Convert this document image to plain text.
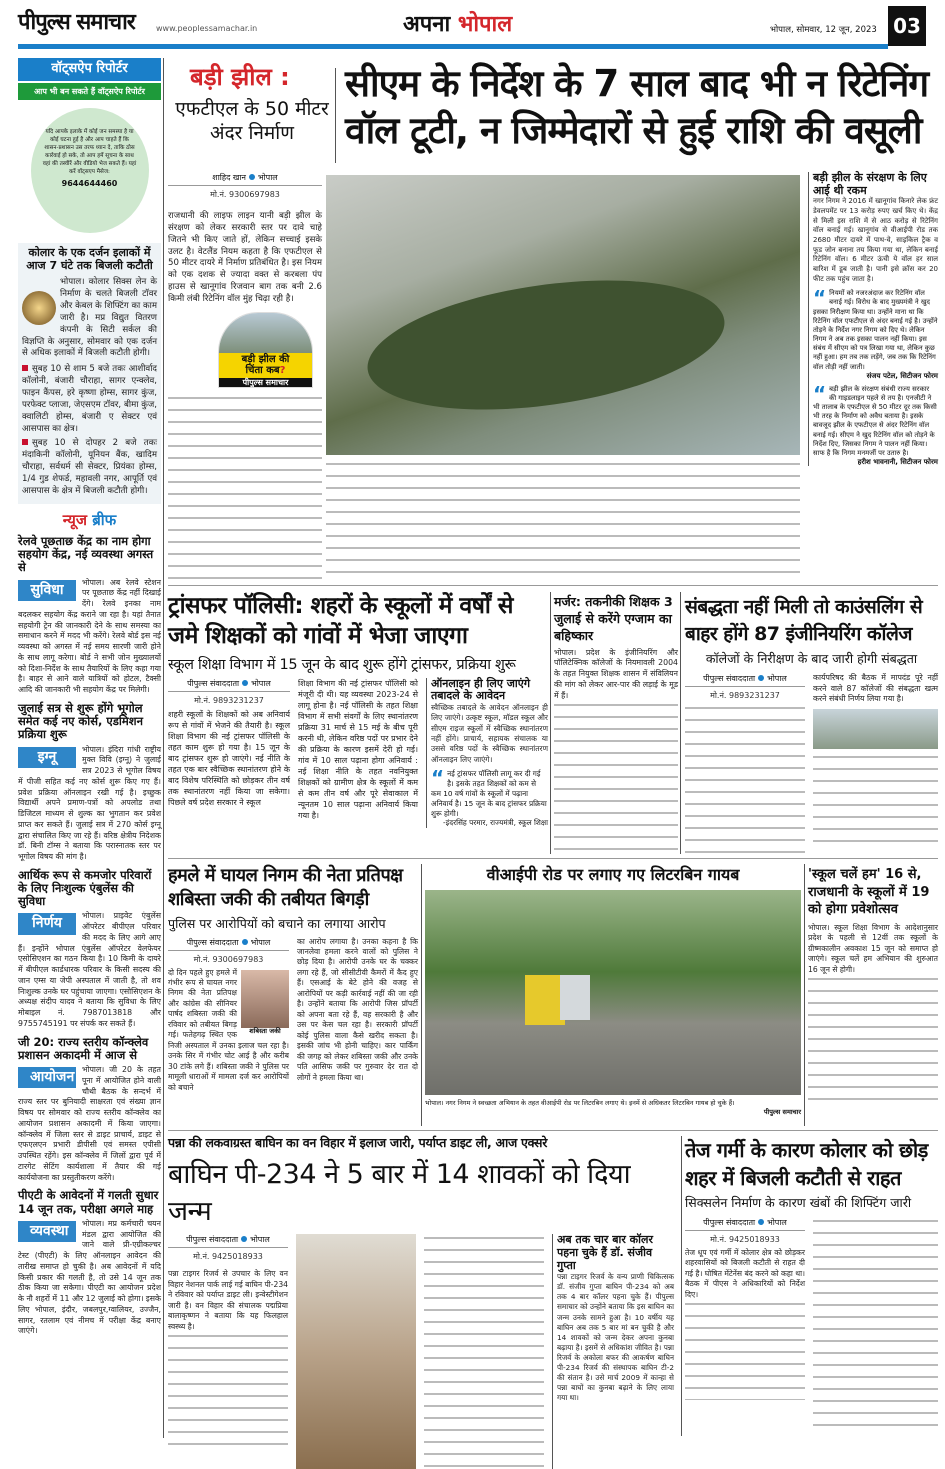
पीपुल्स समाचार	www.peoplessamachar.in	अपना भोपाल	भोपाल, सोमवार, 12 जून, 2023 03
वॉट्सऐप रिपोर्टर
आप भी बन सकते हैं वॉट्सऐप रिपोर्टर
यदि आपके इलाके में कोई जन समस्या है या कोई घटना हुई है और आप चाहते हैं कि शासन-प्रशासन उस तरफ ध्यान दे, ताकि ठोस कार्रवाई हो सके, तो आप हमें सूचना के साथ वहां की तस्वीरें और वीडियो भेज सकते हैं। यहां करें वॉट्सएप मैसेज:
9644644460
कोलार के एक दर्जन इलाकों में आज 7 घंटे तक बिजली कटौती
भोपाल। कोलार सिक्स लेन के निर्माण के चलते बिजली टॉवर और केबल के शिफ्टिंग का काम जारी है। मप्र विद्युत वितरण कंपनी के सिटी सर्कल की विज्ञप्ति के अनुसार, सोमवार को एक दर्जन से अधिक इलाकों में बिजली कटौती होगी।
सुबह 10 से शाम 5 बजे तकः आशीर्वाद कॉलोनी, बंजारी चौराहा, सागर एन्क्लेव, फाइन कैंपस, हरे कृष्णा होम्स, सागर कुंज, परफेक्ट प्लाजा, जेएसएम टॉवर, बीमा कुंज, क्वालिटी होम्स, बंजारी ए सेक्टर एवं आसपास का क्षेत्र।
सुबह 10 से दोपहर 2 बजे तकः मंदाकिनी कॉलोनी, यूनियन बैंक, खादिम चौराहा, सर्वधर्म सी सेक्टर, प्रियंका होम्स, 1/4 गुड शेफर्ड, महावली नगर, आपूर्ति एवं आसपास के क्षेत्र में बिजली कटौती होगी।
न्यूज ब्रीफ
रेलवे पूछताछ केंद्र का नाम होगा सहयोग केंद्र, नई व्यवस्था अगस्त से
सुविधा	भोपाल। अब रेलवे स्टेशन पर पूछताछ केंद्र नहीं दिखाई देंगे। रेलवे इनका नाम बदलकर सहयोग केंद्र कराने जा रहा है। यहां तैनात सहयोगी ट्रेन की जानकारी देने के साथ समस्या का समाधान करने में मदद भी करेंगे। रेलवे बोर्ड इस नई व्यवस्था को अगस्त में नई समय सारणी जारी होने के साथ लागू करेगा। बोर्ड ने सभी जोन मुख्यालयों को दिशा-निर्देश के साथ तैयारियों के लिए कहा गया है। बाहर से आने वाले यात्रियों को होटल, टैक्सी आदि की जानकारी भी सहयोग केंद्र पर मिलेगी।
जुलाई सत्र से शुरू होंगे भूगोल समेत कई नए कोर्स, एडमिशन प्रक्रिया शुरू
इग्नू	भोपाल। इंदिरा गांधी राष्ट्रीय मुक्त विवि (इग्नू) ने जुलाई सत्र 2023 से भूगोल विषय में पीजी सहित कई नए कोर्स शुरू किए गए हैं। प्रवेश प्रक्रिया ऑनलाइन रखी गई है। इच्छुक विद्यार्थी अपने प्रमाण-पत्रों को अपलोड तथा डिजिटल माध्यम से शुल्क का भुगतान कर प्रवेश प्राप्त कर सकते हैं। जुलाई सत्र में 270 कोर्स इग्नू द्वारा संचालित किए जा रहे हैं। वरिष्ठ क्षेत्रीय निदेशक डॉ. बिनी टॉम्स ने बताया कि परास्नातक स्तर पर भूगोल विषय की मांग है।
आर्थिक रूप से कमजोर परिवारों के लिए निःशुल्क एंबुलेंस की सुविधा
निर्णय	भोपाल। प्राइवेट एंबुलेंस ऑपरेटर बीपीएल परिवार की मदद के लिए आगे आए हैं। इन्होंने भोपाल एंबुलेंस ऑपरेटर वेलफेयर एसोसिएशन का गठन किया है। 10 किमी के दायरे में बीपीएल कार्डधारक परिवार के किसी सदस्य की जान एम्स या जेपी अस्पताल में जाती है, तो शव निःशुल्क उनके घर पहुंचाया जाएगा। एसोसिएशन के अध्यक्ष संदीप यादव ने बताया कि सुविधा के लिए मोबाइल नं. 7987013818 और 9755745191 पर संपर्क कर सकते हैं।
जी 20: राज्य स्तरीय कॉन्क्लेव प्रशासन अकादमी में आज से
आयोजन भोपाल। जी 20 के तहत पूना में आयोजित होने वाली चौथी बैठक के सन्दर्भ में राज्य स्तर पर बुनियादी साक्षरता एवं संख्या ज्ञान विषय पर सोमवार को राज्य स्तरीय कॉन्क्लेव का आयोजन प्रशासन अकादमी में किया जाएगा। कॉन्क्लेव में जिला स्तर से डाइट प्राचार्य, डाइट से एफएलएन प्रभारी डीपीसी एवं समस्त एपीसी उपस्थित रहेंगे। इस कॉन्क्लेव में जिलों द्वारा पूर्व में टारगेट सेटिंग कार्यशाला में तैयार की गई कार्ययोजना का प्रस्तुतीकरण करेंगे।
पीएटी के आवेदनों में गलती सुधार 14 जून तक, परीक्षा अगले माह
व्यवस्था	भोपाल। मप्र कर्मचारी चयन मंडल द्वारा आयोजित की जाने वाले प्री-एग्रीकल्चर टेस्ट (पीएटी) के लिए ऑनलाइन आवेदन की तारीख समाप्त हो चुकी है। अब आवेदनों में यदि किसी प्रकार की गलती है, तो उसे 14 जून तक ठीक किया जा सकेगा। पीएटी का आयोजन प्रदेश के नौ शहरों में 11 और 12 जुलाई को होगा। इसके लिए भोपाल, इंदौर, जबलपुर,ग्वालियर, उज्जैन, सागर, रतलाम एवं नीमच में परीक्षा केंद्र बनाए जाएंगे।
बड़ी झील :
एफटीएल के 50 मीटर अंदर निर्माण
सीएम के निर्देश के 7 साल बाद भी न रिटेनिंग
वॉल टूटी, न जिम्मेदारों से हुई राशि की वसूली
शाहिद खान भोपाल
मो.नं. 9300697983
राजधानी की लाइफ लाइन यानी बड़ी झील के संरक्षण को लेकर सरकारी स्तर पर दावे चाहे जितने भी किए जाते हों, लेकिन सच्चाई इसके उलट है। वेटलैंड नियम कहता है कि एफटीएल से 50 मीटर दायरे में निर्माण प्रतिबंधित है। इस नियम को एक दशक से ज्यादा वक्त से करबला पंप हाउस से खानूगांव रिजवान बाग तक बनी 2.6 किमी लंबी रिटेनिंग वॉल मुंह चिढ़ा रही है।
बड़ी झील की
चिंता कब?
पीपुल्स समाचार
बड़ी झील के संरक्षण के लिए आई थी रकम
नगर निगम ने 2016 में खानूगांव किनारे लेक फ्रंट डेवलपमेंट पर 13 करोड़ रुपए खर्च किए थे। केंद्र से मिली इस राशि में से आठ करोड़ से रिटेनिंग वॉल बनाई गई। खानूगांव से वीआईपी रोड तक 2680 मीटर दायरे में पाथ-वे, साइकिल ट्रैक व फूड जोन बनाना तय किया गया था, लेकिन बनाई रिटेनिंग वॉल। 6 मीटर ऊंची ये वॉल हर साल बारिश में डूब जाती है। पानी इसे क्रॉस कर 20 फीट तक पहुंच जाता है।
“ नियमों को नजरअंदाज कर रिटेनिंग वॉल बनाई गई। विरोध के बाद मुख्यमंत्री ने खुद इसका निरीक्षण किया था। उन्होंने माना था कि रिटेनिंग वॉल एफटीएल से अंदर बनाई गई है। उन्होंने तोड़ने के निर्देश नगर निगम को दिए थे। लेकिन निगम ने अब तक इसका पालन नहीं किया। इस संबंध में सीएम को पत्र लिखा गया था, लेकिन कुछ नहीं हुआ। हम तब तक लड़ेंगे, जब तक कि रिटेनिंग वॉल तोड़ी नहीं जाती।
संजय पटेल, सिटीजन फोरम
“ बड़ी झील के संरक्षण संबंधी राज्य सरकार की गाइडलाइन पहले से तय है। एनजीटी ने भी तालाब के एफटीएल से 50 मीटर दूर तक किसी भी तरह के निर्माण को अवैध बताया है। इसके बावजूद झील के एफटीएल से अंदर रिटेनिंग वॉल बनाई गई। सीएम ने खुद रिटेनिंग वॉल को तोड़ने के निर्देश दिए, जिसका निगम ने पालन नहीं किया। साफ है कि निगम मनमर्जी पर उतारु है।
हरीश भावनानी, सिटीजन फोरम
ट्रांसफर पॉलिसी: शहरों के स्कूलों में वर्षों से जमे शिक्षकों को गांवों में भेजा जाएगा
स्कूल शिक्षा विभाग में 15 जून के बाद शुरू होंगे ट्रांसफर, प्रक्रिया शुरू
पीपुल्स संवाददाता भोपाल
मो.नं. 9893231237
शहरी स्कूलों के शिक्षकों को अब अनिवार्य रूप से गांवों में भेजने की तैयारी है। स्कूल शिक्षा विभाग की नई ट्रांसफर पॉलिसी के तहत काम शुरू हो गया है। 15 जून के बाद ट्रांसफर शुरू हो जाएंगे। नई नीति के तहत एक बार स्वैच्छिक स्थानांतरण होने के बाद विशेष परिस्थिति को छोड़कर तीन वर्ष तक स्थानांतरण नहीं किया जा सकेगा। पिछले वर्ष प्रदेश सरकार ने स्कूल
शिक्षा विभाग की नई ट्रांसफर पॉलिसी को मंजूरी दी थी। यह व्यवस्था 2023-24 से लागू होना है। नई पॉलिसी के तहत शिक्षा विभाग में सभी संवर्गों के लिए स्थानांतरण प्रक्रिया 31 मार्च से 15 मई के बीच पूरी करनी थी, लेकिन वरिष्ठ पदों पर प्रभार देने की प्रक्रिया के कारण इसमें देरी हो गई। गांव में 10 साल पढ़ाना होगा अनिवार्य : नई शिक्षा नीति के तहत नवनियुक्त शिक्षकों को ग्रामीण क्षेत्र के स्कूलों में कम से कम तीन वर्ष और पूरे सेवाकाल में न्यूनतम 10 साल पढ़ाना अनिवार्य किया गया है।
ऑनलाइन ही लिए जाएंगे तबादले के आवेदन
स्वैच्छिक तबादले के आवेदन ऑनलाइन ही लिए जाएंगे। उत्कृष्ट स्कूल, मॉडल स्कूल और सीएम राइज स्कूलों में स्वैच्छिक स्थानांतरण नहीं होंगे। प्राचार्य, सहायक संचालक या उससे वरिष्ठ पदों के स्वैच्छिक स्थानांतरण ऑनलाइन लिए जाएंगे।
“ नई ट्रांसफर पॉलिसी लागू कर दी गई है। इसके तहत शिक्षकों को कम से कम 10 वर्ष गांवों के स्कूलों में पढ़ाना अनिवार्य है। 15 जून के बाद ट्रांसफर प्रक्रिया शुरू होगी।
-इंदरसिंह परमार, राज्यमंत्री, स्कूल शिक्षा
मर्जर: तकनीकी शिक्षक 3 जुलाई से करेंगे एग्जाम का बहिष्कार
भोपाल। प्रदेश के इंजीनियरिंग और पॉलिटेक्निक कॉलेजों के नियमावली 2004 के तहत नियुक्त शिक्षक शासन में संविलियन की मांग को लेकर आर-पार की लड़ाई के मूड में हैं।
संबद्धता नहीं मिली तो काउंसलिंग से बाहर होंगे 87 इंजीनियरिंग कॉलेज
कॉलेजों के निरीक्षण के बाद जारी होगी संबद्धता
पीपुल्स संवाददाता भोपाल
मो.नं. 9893231237
कार्यपरिषद की बैठक में मापदंड पूरे नहीं करने वाले 87 कॉलेजों की संबद्धता खत्म करने संबंधी निर्णय लिया गया है।
हमले में घायल निगम की नेता प्रतिपक्ष शबिस्ता जकी की तबीयत बिगड़ी
पुलिस पर आरोपियों को बचाने का लगाया आरोप
पीपुल्स संवाददाता भोपाल
मो.नं. 9300697983
शबिस्ता जकी
दो दिन पहले हुए हमले में गंभीर रूप से घायल नगर निगम की नेता प्रतिपक्ष और कांग्रेस की सीनियर पार्षद शबिस्ता जकी की रविवार को तबीयत बिगड़ गई। फतेहगढ़ स्थित एक निजी अस्पताल में उनका इलाज चल रहा है। उनके सिर में गंभीर चोट आई है और करीब 30 टांके लगे हैं। शबिस्ता जकी ने पुलिस पर मामूली धाराओं में मामला दर्ज कर आरोपियों को बचाने
का आरोप लगाया है। उनका कहना है कि जानलेवा हमला करने वालों को पुलिस ने छोड़ दिया है। आरोपी उनके घर के चक्कर लगा रहे हैं, जो सीसीटीवी कैमरों में कैद हुए हैं। एसआई के बेटे होने की वजह से आरोपियों पर कड़ी कार्रवाई नहीं की जा रही है। उन्होंने बताया कि आरोपी जिस प्रॉपर्टी को अपना बता रहे हैं, वह सरकारी है और उस पर केस चल रहा है। सरकारी प्रॉपर्टी कोई पुलिस वाला कैसे खरीद सकता है। इसकी जांच भी होनी चाहिए। कार पार्किंग की जगह को लेकर शबिस्ता जकी और उनके पति आसिफ जकी पर गुरुवार देर रात दो लोगों ने हमला किया था।
वीआईपी रोड पर लगाए गए लिटरबिन गायब
भोपाल। नगर निगम ने स्वच्छता अभियान के तहत वीआईपी रोड पर लिटरबिन लगाए थे। इनमें से अधिकतर लिटरबिन गायब हो चुके हैं।
पीपुल्स समाचार
'स्कूल चलें हम' 16 से, राजधानी के स्कूलों में 19 को होगा प्रवेशोत्सव
भोपाल। स्कूल शिक्षा विभाग के आदेशानुसार प्रदेश के पहली से 12वीं तक स्कूलों के ग्रीष्मकालीन अवकाश 15 जून को समाप्त हो जाएंगे। स्कूल चलें हम अभियान की शुरुआत 16 जून से होगी।
पन्ना की लकवाग्रस्त बाघिन का वन विहार में इलाज जारी, पर्याप्त डाइट ली, आज एक्सरे
बाघिन पी-234 ने 5 बार में 14 शावकों को दिया जन्म
पीपुल्स संवाददाता भोपाल
मो.नं. 9425018933
पन्ना टाइगर रिजर्व से उपचार के लिए वन विहार नेशनल पार्क लाई गई बाघिन पी-234 ने रविवार को पर्याप्त डाइट ली। इन्वेस्टीगेशन जारी है। वन विहार की संचालक पद्मप्रिया बालाकृष्णन ने बताया कि यह फिलहाल स्वस्थ्य है।
अब तक चार बार कॉलर पहना चुके हैं डॉ. संजीव गुप्ता
पन्ना टाइगर रिजर्व के वन्य प्राणी चिकित्सक डॉ. संजीव गुप्ता बाघिन पी-234 को अब तक 4 बार कॉलर पहना चुके हैं। पीपुल्स समाचार को उन्होंने बताया कि इस बाघिन का जन्म उनके सामने हुआ है। 10 वर्षीय यह बाघिन अब तक 5 बार मां बन चुकी है और 14 शावकों को जन्म देकर अपना कुनबा बढ़ाया है। इसमें से अधिकांश जीवित है। पन्ना रिजर्व के अकोला बफर की आकर्षण बाघिन पी-234 रिजर्व की संस्थापक बाघिन टी-2 की संतान है। उसे मार्च 2009 में कान्हा से पन्ना बाघों का कुनबा बढ़ाने के लिए लाया गया था।
तेज गर्मी के कारण कोलार को छोड़ शहर में बिजली कटौती से राहत
सिक्सलेन निर्माण के कारण खंबों की शिफ्टिंग जारी
पीपुल्स संवाददाता भोपाल
मो.नं. 9425018933
तेज धूप एवं गर्मी में कोलार क्षेत्र को छोड़कर शहरवासियों को बिजली कटौती से राहत दी गई है। घोषित मेंटेनेंस बंद करने को कहा था। बैठक में पीएस ने अधिकारियों को निर्देश दिए।
